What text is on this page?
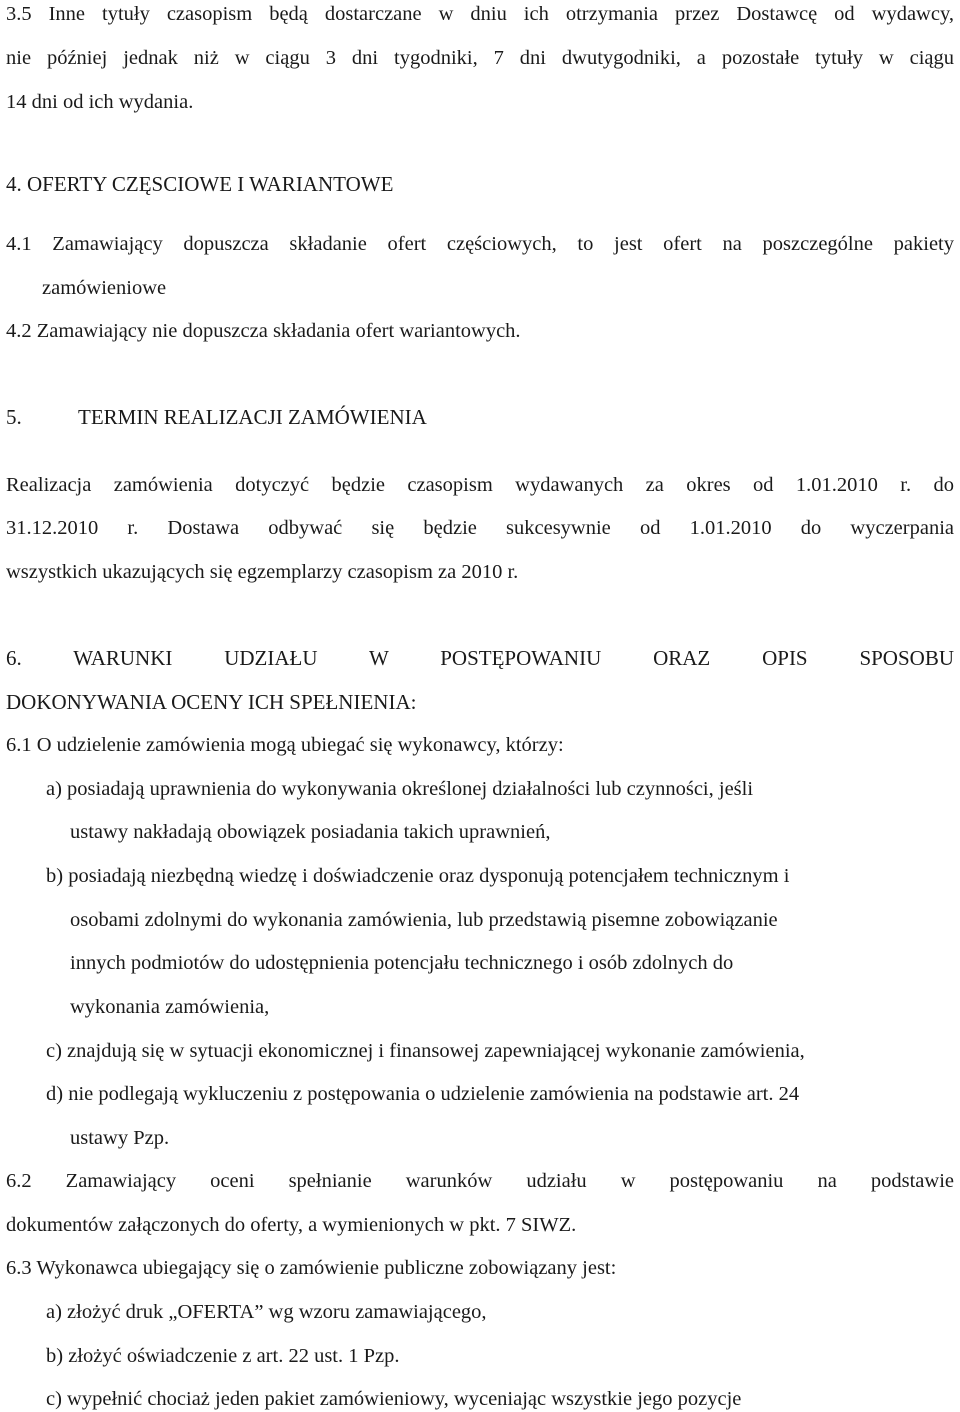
3.5 Inne tytuły czasopism będą dostarczane w dniu ich otrzymania przez Dostawcę od wydawcy,
nie później jednak niż w ciągu 3 dni tygodniki, 7 dni dwutygodniki, a pozostałe tytuły w ciągu
14 dni od ich wydania.
4. OFERTY CZĘSCIOWE I WARIANTOWE
4.1 Zamawiający dopuszcza składanie ofert częściowych, to jest ofert na poszczególne pakiety
zamówieniowe
4.2 Zamawiający nie dopuszcza składania ofert wariantowych.
5.	TERMIN REALIZACJI ZAMÓWIENIA
Realizacja zamówienia dotyczyć będzie czasopism wydawanych za okres od 1.01.2010 r. do
31.12.2010 r. Dostawa odbywać się będzie sukcesywnie od 1.01.2010 do wyczerpania
wszystkich ukazujących się egzemplarzy czasopism za 2010 r.
6. WARUNKI UDZIAŁU W POSTĘPOWANIU ORAZ OPIS SPOSOBU
DOKONYWANIA OCENY ICH SPEŁNIENIA:
6.1 O udzielenie zamówienia mogą ubiegać się wykonawcy, którzy:
a) posiadają uprawnienia do wykonywania określonej działalności lub czynności, jeśli
ustawy nakładają obowiązek posiadania takich uprawnień,
b) posiadają niezbędną wiedzę i doświadczenie oraz dysponują potencjałem technicznym i
osobami zdolnymi do wykonania zamówienia, lub przedstawią pisemne zobowiązanie
innych podmiotów do udostępnienia potencjału technicznego i osób zdolnych do
wykonania zamówienia,
c) znajdują się w sytuacji ekonomicznej i finansowej zapewniającej wykonanie zamówienia,
d) nie podlegają wykluczeniu z postępowania o udzielenie zamówienia na podstawie art. 24
ustawy Pzp.
6.2 Zamawiający oceni spełnianie warunków udziału w postępowaniu na podstawie
dokumentów załączonych do oferty, a wymienionych w pkt. 7 SIWZ.
6.3 Wykonawca ubiegający się o zamówienie publiczne zobowiązany jest:
a) złożyć druk „OFERTA” wg wzoru zamawiającego,
b) złożyć oświadczenie z art. 22 ust. 1 Pzp.
c) wypełnić chociaż jeden pakiet zamówieniowy, wyceniając wszystkie jego pozycje
